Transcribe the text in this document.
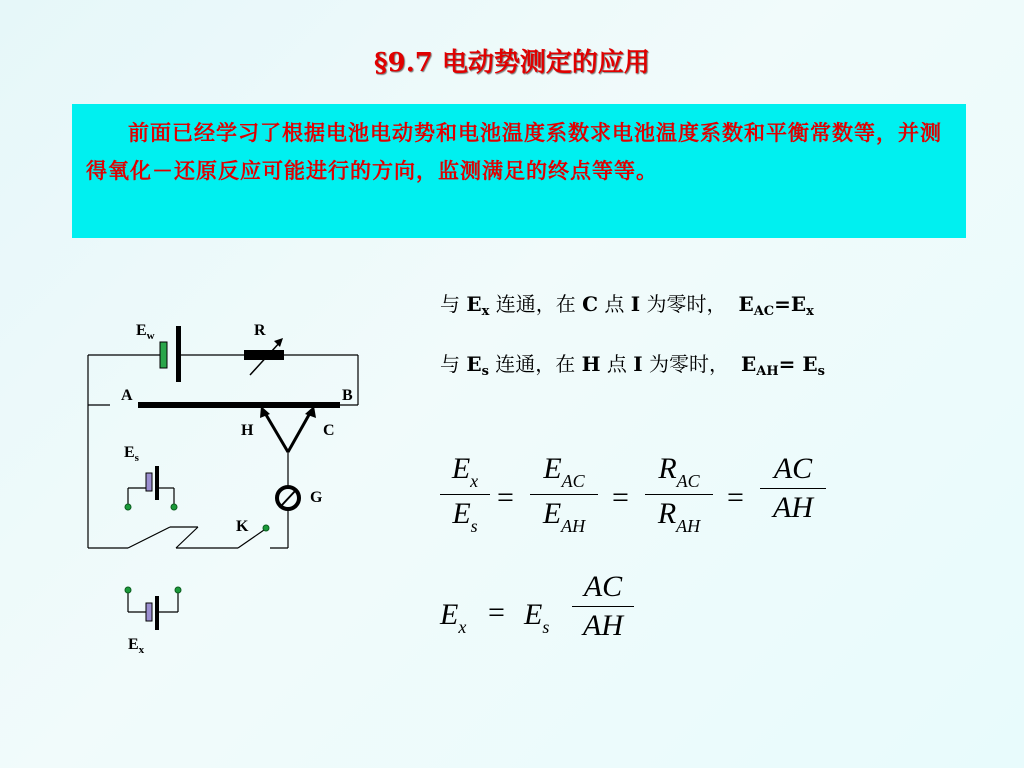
§9.7 电动势测定的应用
前面已经学习了根据电池电动势和电池温度系数求电池温度系数和平衡常数等，并测得氧化－还原反应可能进行的方向，监测满足的终点等等。
与 $E_x$ 连通，在 C 点 I 为零时， $E_{AC}=E_x$
与 $E_s$ 连通，在 H 点 I 为零时， $E_{AH}= E_s$
$E_x$
$E_s$
=
$E_{AC}$
$E_{AH}$
=
$R_{AC}$
$R_{AH}$
=
AC
AH
$E_x = E_s$
AC
AH
$E_w$	R
A	B
H	C
$E_s$
G
K
$E_x$
